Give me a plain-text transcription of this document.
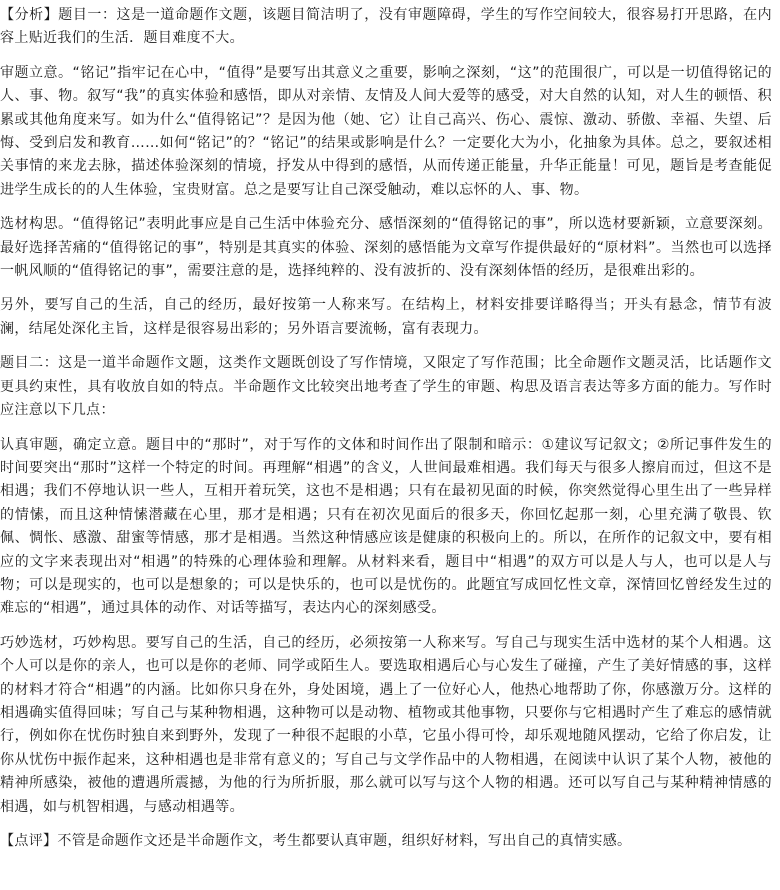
【分析】题目一：这是一道命题作文题，该题目简洁明了，没有审题障碍，学生的写作空间较大，很容易打开思路，在内容上贴近我们的生活．题目难度不大。

审题立意。“铭记”指牢记在心中，“值得”是要写出其意义之重要，影响之深刻，“这”的范围很广，可以是一切值得铭记的人、事、物。叙写“我”的真实体验和感悟，即从对亲情、友情及人间大爱等的感受，对大自然的认知，对人生的顿悟、积累或其他角度来写。如为什么“值得铭记”？是因为他（她、它）让自己高兴、伤心、震惊、激动、骄傲、幸福、失望、后悔、受到启发和教育……如何“铭记”的？“铭记”的结果或影响是什么？一定要化大为小，化抽象为具体。总之，要叙述相关事情的来龙去脉，描述体验深刻的情境，抒发从中得到的感悟，从而传递正能量，升华正能量！可见，题旨是考查能促进学生成长的的人生体验，宝贵财富。总之是要写让自己深受触动，难以忘怀的人、事、物。

选材构思。“值得铭记”表明此事应是自己生活中体验充分、感悟深刻的“值得铭记的事”，所以选材要新颖，立意要深刻。最好选择苦痛的“值得铭记的事”，特别是其真实的体验、深刻的感悟能为文章写作提供最好的“原材料”。当然也可以选择一帆风顺的“值得铭记的事”，需要注意的是，选择纯粹的、没有波折的、没有深刻体悟的经历，是很难出彩的。

另外，要写自己的生活，自己的经历，最好按第一人称来写。在结构上，材料安排要详略得当；开头有悬念，情节有波澜，结尾处深化主旨，这样是很容易出彩的；另外语言要流畅，富有表现力。

题目二：这是一道半命题作文题，这类作文题既创设了写作情境，又限定了写作范围；比全命题作文题灵活，比话题作文更具约束性，具有收放自如的特点。半命题作文比较突出地考查了学生的审题、构思及语言表达等多方面的能力。写作时应注意以下几点：

认真审题，确定立意。题目中的“那时”，对于写作的文体和时间作出了限制和暗示：①建议写记叙文；②所记事件发生的时间要突出“那时”这样一个特定的时间。再理解“相遇”的含义，人世间最难相遇。我们每天与很多人擦肩而过，但这不是相遇；我们不停地认识一些人，互相开着玩笑，这也不是相遇；只有在最初见面的时候，你突然觉得心里生出了一些异样的情愫，而且这种情愫潜藏在心里，那才是相遇；只有在初次见面后的很多天，你回忆起那一刻，心里充满了敬畏、钦佩、惆怅、感激、甜蜜等情感，那才是相遇。当然这种情感应该是健康的积极向上的。所以，在所作的记叙文中，要有相应的文字来表现出对“相遇”的特殊的心理体验和理解。从材料来看，题目中“相遇”的双方可以是人与人，也可以是人与物；可以是现实的，也可以是想象的；可以是快乐的，也可以是忧伤的。此题宜写成回忆性文章，深情回忆曾经发生过的难忘的“相遇”，通过具体的动作、对话等描写，表达内心的深刻感受。

巧妙选材，巧妙构思。要写自己的生活，自己的经历，必须按第一人称来写。写自己与现实生活中选材的某个人相遇。这个人可以是你的亲人，也可以是你的老师、同学或陌生人。要选取相遇后心与心发生了碰撞，产生了美好情感的事，这样的材料才符合“相遇”的内涵。比如你只身在外，身处困境，遇上了一位好心人，他热心地帮助了你，你感激万分。这样的相遇确实值得回味；写自己与某种物相遇，这种物可以是动物、植物或其他事物，只要你与它相遇时产生了难忘的感情就行，例如你在忧伤时独自来到野外，发现了一种很不起眼的小草，它虽小得可怜，却乐观地随风摆动，它给了你启发，让你从忧伤中振作起来，这种相遇也是非常有意义的；写自己与文学作品中的人物相遇，在阅读中认识了某个人物，被他的精神所感染，被他的遭遇所震撼，为他的行为所折服，那么就可以写与这个人物的相遇。还可以写自己与某种精神情感的相遇，如与机智相遇，与感动相遇等。

【点评】不管是命题作文还是半命题作文，考生都要认真审题，组织好材料，写出自己的真情实感。
